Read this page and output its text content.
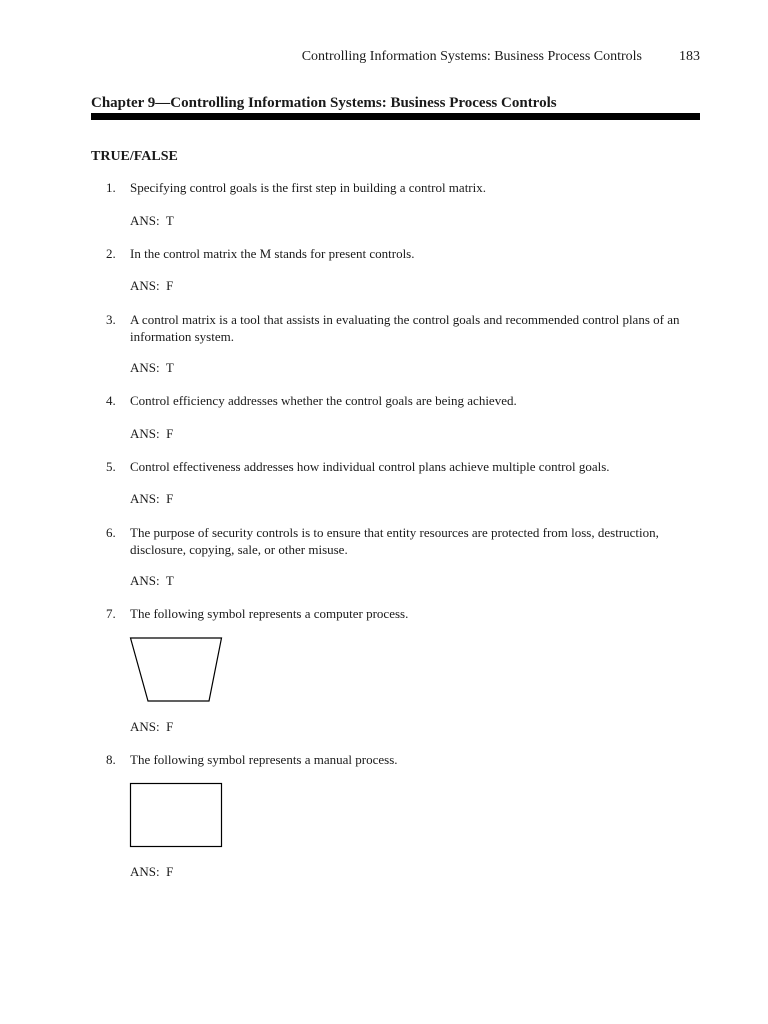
Controlling Information Systems: Business Process Controls	183
Chapter 9—Controlling Information Systems: Business Process Controls
TRUE/FALSE
1.	Specifying control goals is the first step in building a control matrix.
ANS:  T
2.	In the control matrix the M stands for present controls.
ANS:  F
3.	A control matrix is a tool that assists in evaluating the control goals and recommended control plans of an information system.
ANS:  T
4.	Control efficiency addresses whether the control goals are being achieved.
ANS:  F
5.	Control effectiveness addresses how individual control plans achieve multiple control goals.
ANS:  F
6.	The purpose of security controls is to ensure that entity resources are protected from loss, destruction, disclosure, copying, sale, or other misuse.
ANS:  T
7.	The following symbol represents a computer process.
ANS:  F
8.	The following symbol represents a manual process.
ANS:  F
